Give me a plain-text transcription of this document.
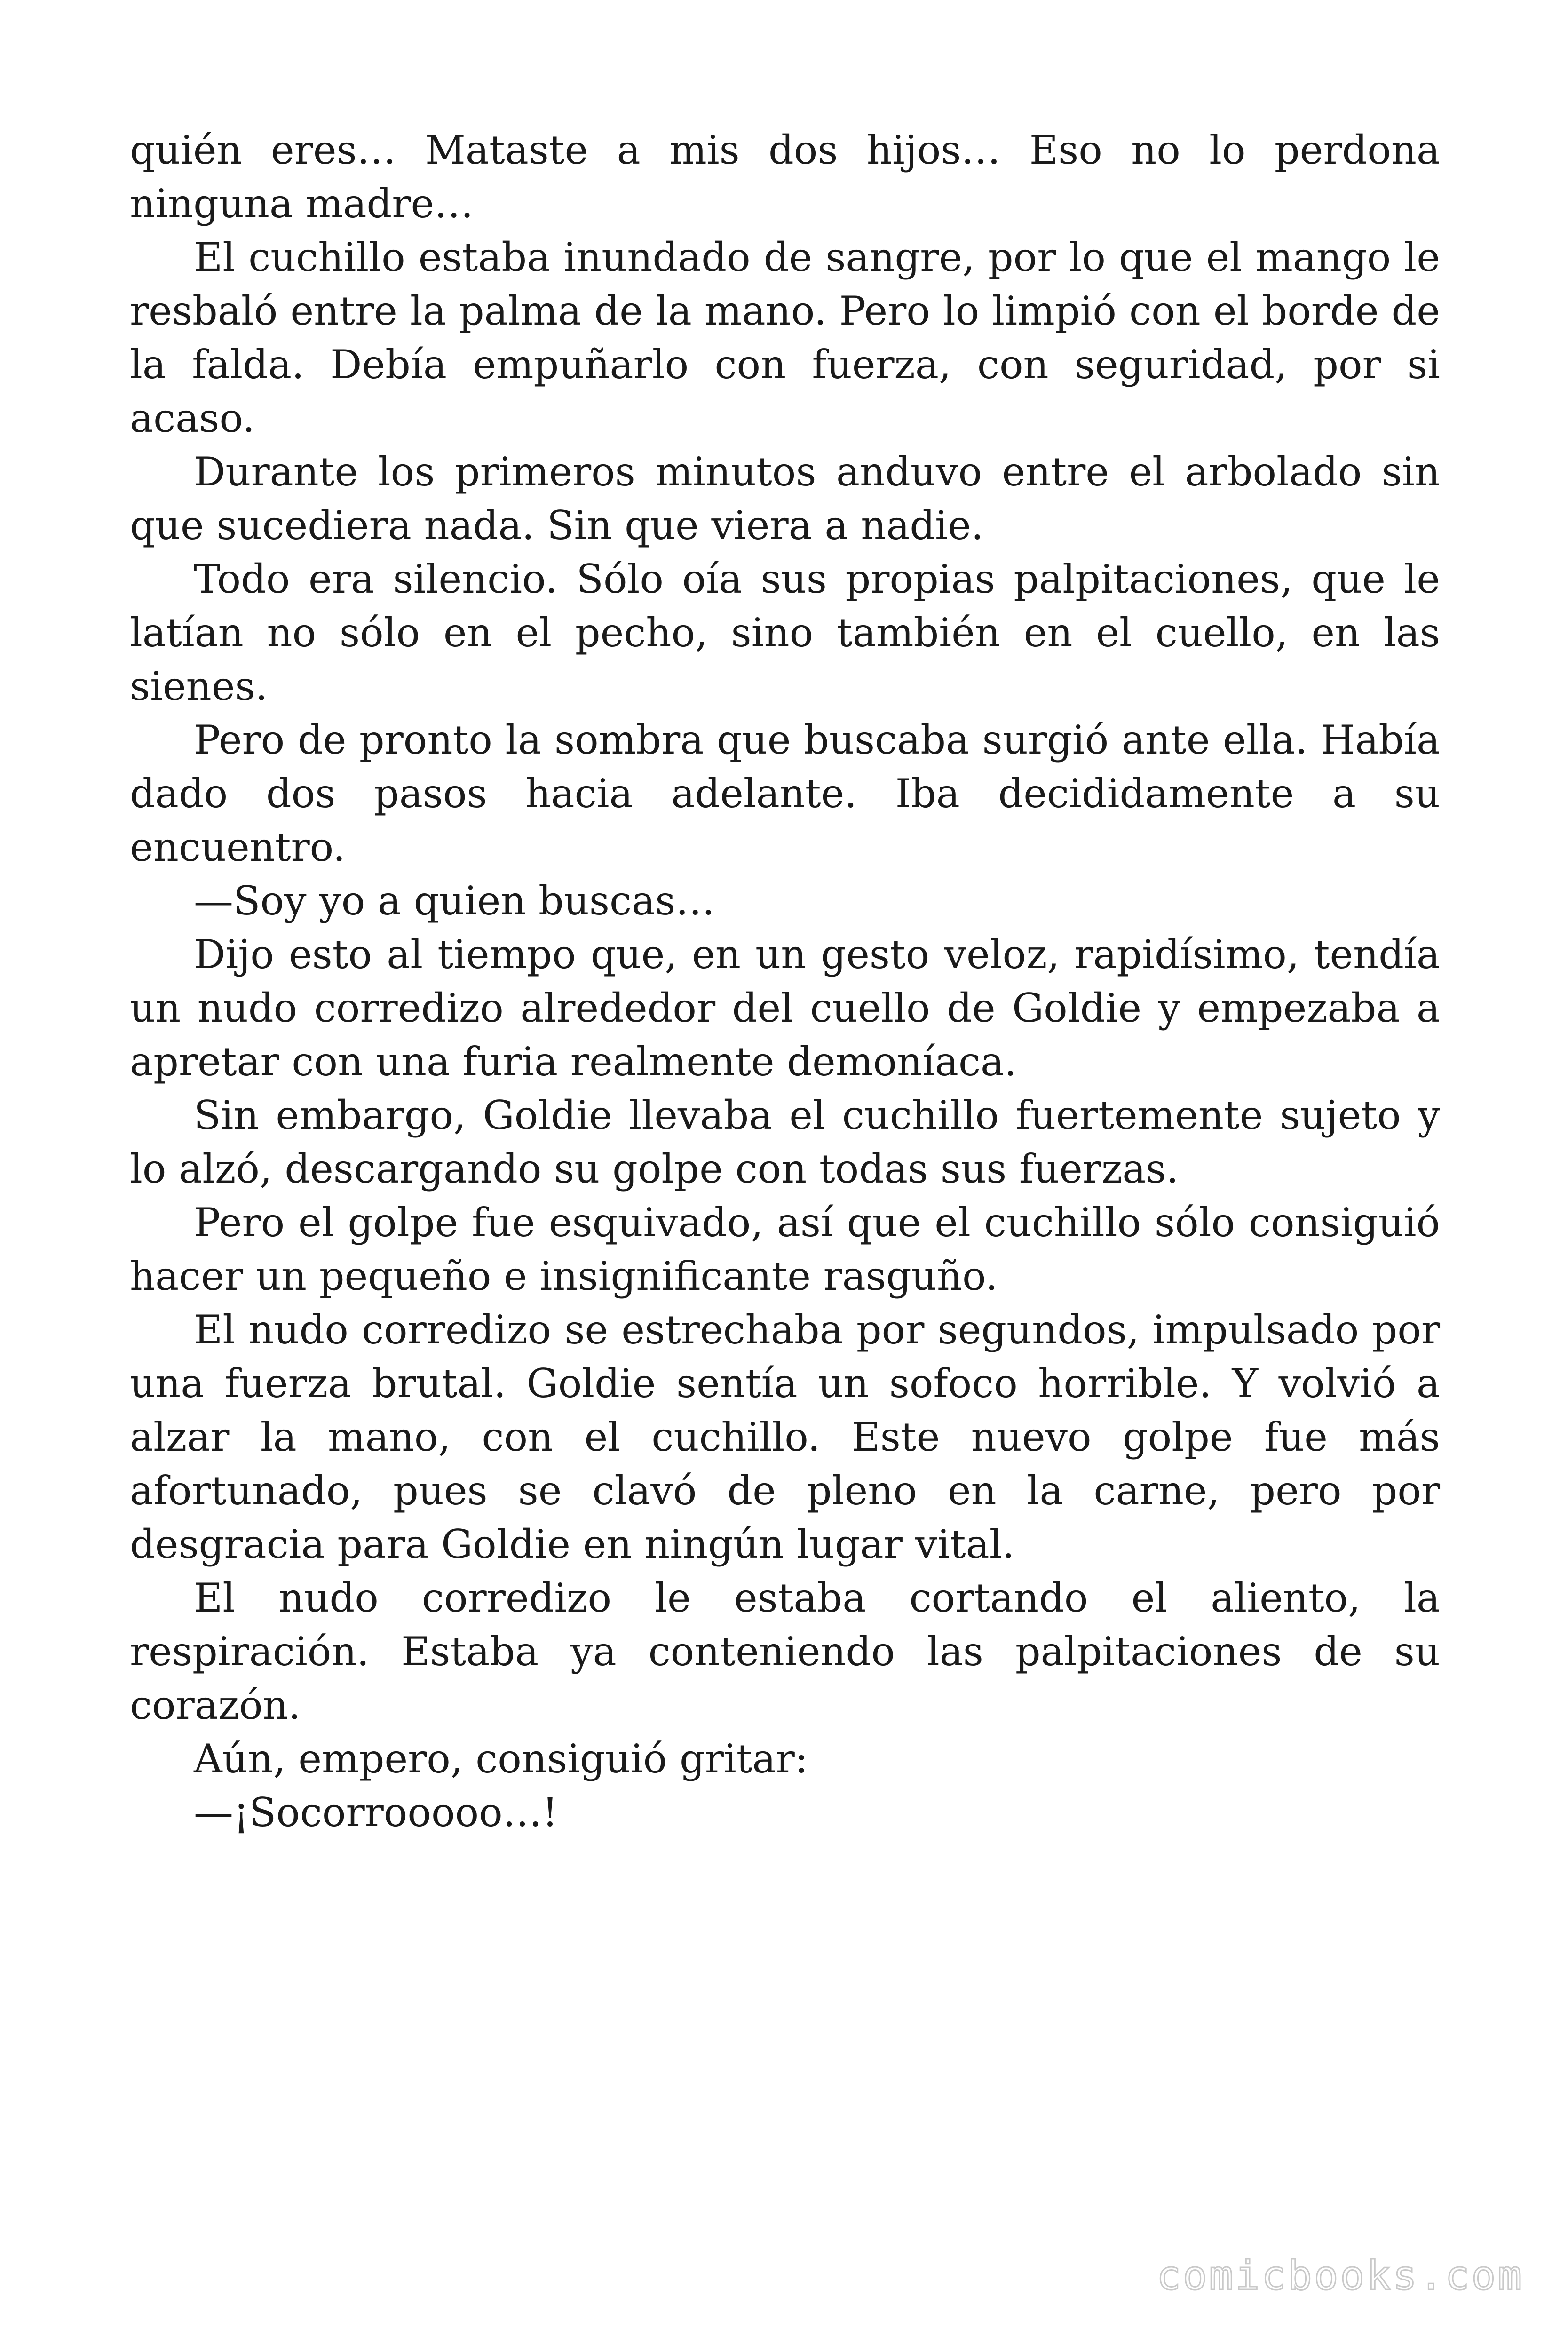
quién eres… Mataste a mis dos hijos… Eso no lo perdona ninguna madre…

El cuchillo estaba inundado de sangre, por lo que el mango le resbaló entre la palma de la mano. Pero lo limpió con el borde de la falda. Debía empuñarlo con fuerza, con seguridad, por si acaso.

Durante los primeros minutos anduvo entre el arbolado sin que sucediera nada. Sin que viera a nadie.

Todo era silencio. Sólo oía sus propias palpitaciones, que le latían no sólo en el pecho, sino también en el cuello, en las sienes.

Pero de pronto la sombra que buscaba surgió ante ella. Había dado dos pasos hacia adelante. Iba decididamente a su encuentro.

—Soy yo a quien buscas…

Dijo esto al tiempo que, en un gesto veloz, rapidísimo, tendía un nudo corredizo alrededor del cuello de Goldie y empezaba a apretar con una furia realmente demoníaca.

Sin embargo, Goldie llevaba el cuchillo fuertemente sujeto y lo alzó, descargando su golpe con todas sus fuerzas.

Pero el golpe fue esquivado, así que el cuchillo sólo consiguió hacer un pequeño e insignificante rasguño.

El nudo corredizo se estrechaba por segundos, impulsado por una fuerza brutal. Goldie sentía un sofoco horrible. Y volvió a alzar la mano, con el cuchillo. Este nuevo golpe fue más afortunado, pues se clavó de pleno en la carne, pero por desgracia para Goldie en ningún lugar vital.

El nudo corredizo le estaba cortando el aliento, la respiración. Estaba ya conteniendo las palpitaciones de su corazón.

Aún, empero, consiguió gritar:

—¡Socorrooooo…!

comicbooks.com
